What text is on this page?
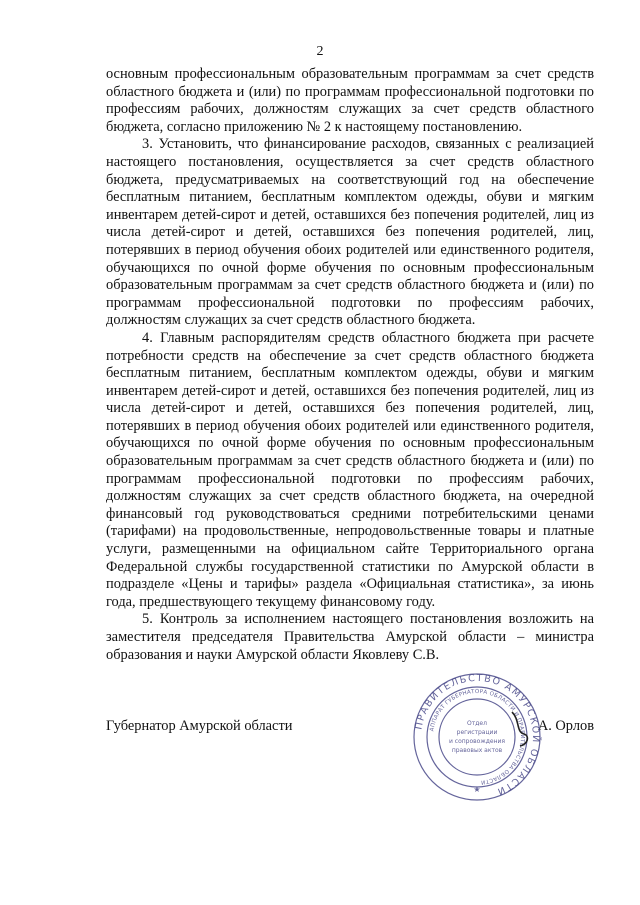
2

основным профессиональным образовательным программам за счет средств областного бюджета и (или) по программам профессиональной подготовки по профессиям рабочих, должностям служащих за счет средств областного бюджета, согласно приложению № 2 к настоящему постановлению.

3. Установить, что финансирование расходов, связанных с реализацией настоящего постановления, осуществляется за счет средств областного бюджета, предусматриваемых на соответствующий год на обеспечение бесплатным питанием, бесплатным комплектом одежды, обуви и мягким инвентарем детей-сирот и детей, оставшихся без попечения родителей, лиц из числа детей-сирот и детей, оставшихся без попечения родителей, лиц, потерявших в период обучения обоих родителей или единственного родителя, обучающихся по очной форме обучения по основным профессиональным образовательным программам за счет средств областного бюджета и (или) по программам профессиональной подготовки по профессиям рабочих, должностям служащих за счет средств областного бюджета.

4. Главным распорядителям средств областного бюджета при расчете потребности средств на обеспечение за счет средств областного бюджета бесплатным питанием, бесплатным комплектом одежды, обуви и мягким инвентарем детей-сирот и детей, оставшихся без попечения родителей, лиц из числа детей-сирот и детей, оставшихся без попечения родителей, лиц, потерявших в период обучения обоих родителей или единственного родителя, обучающихся по очной форме обучения по основным профессиональным образовательным программам за счет средств областного бюджета и (или) по программам профессиональной подготовки по профессиям рабочих, должностям служащих за счет средств областного бюджета, на очередной финансовый год руководствоваться средними потребительскими ценами (тарифами) на продовольственные, непродовольственные товары и платные услуги, размещенными на официальном сайте Территориального органа Федеральной службы государственной статистики по Амурской области в подразделе «Цены и тарифы» раздела «Официальная статистика», за июнь года, предшествующего текущему финансовому году.

5. Контроль за исполнением настоящего постановления возложить на заместителя председателя Правительства Амурской области – министра образования и науки Амурской области Яковлеву С.В.

Губернатор Амурской области	А. Орлов
ПРАВИТЕЛЬСТВО АМУРСКОЙ ОБЛАСТИ
АППАРАТ ГУБЕРНАТОРА ОБЛАСТИ И ПРАВИТЕЛЬСТВА ОБЛАСТИ
Отдел
регистрации
и сопровождения
правовых актов
★
